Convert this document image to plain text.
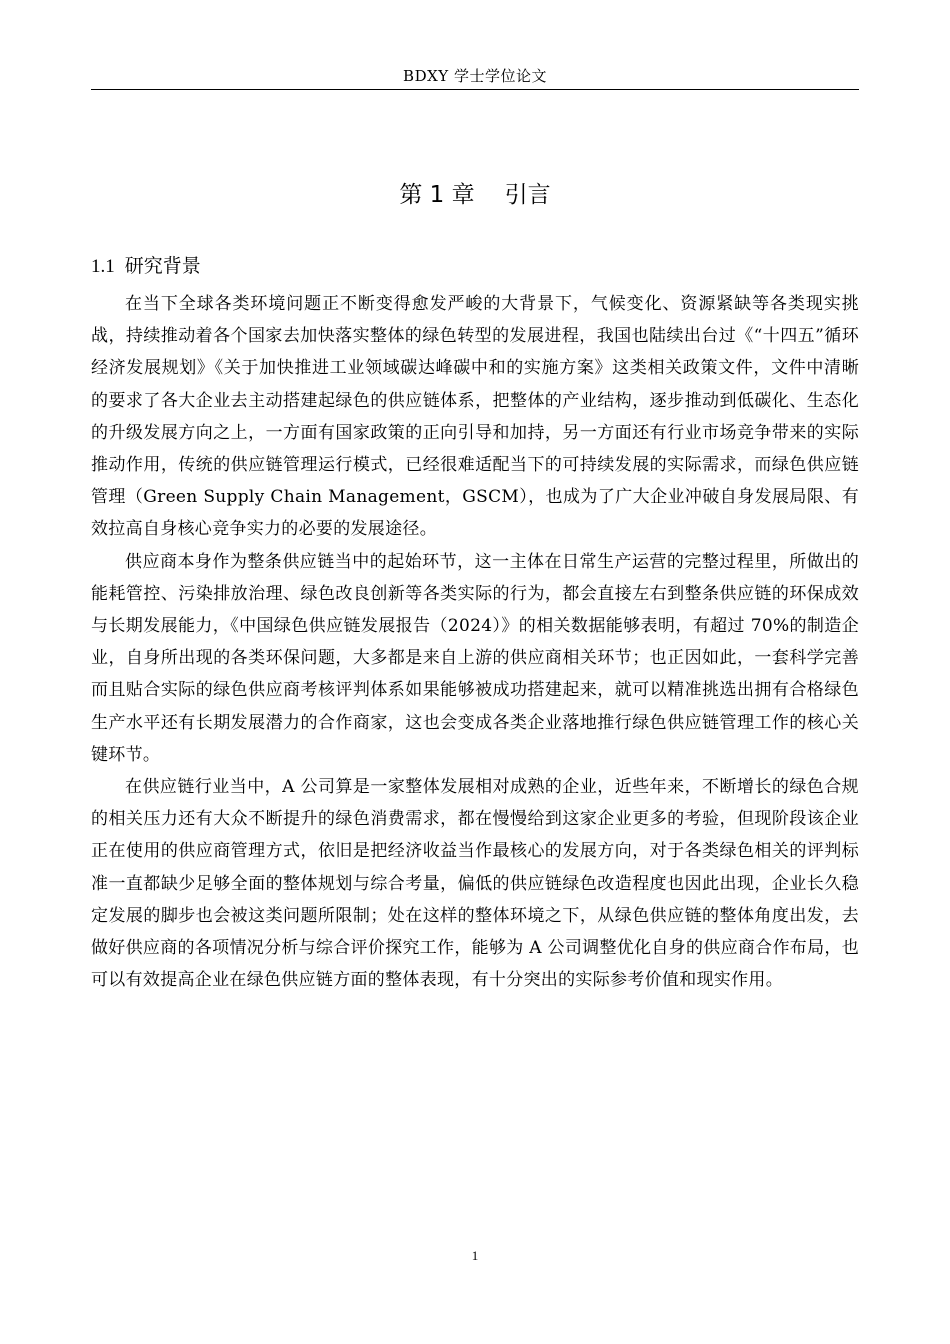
BDXY 学士学位论文
第 1 章 引言
1.1 研究背景

在当下全球各类环境问题正不断变得愈发严峻的大背景下，气候变化、资源紧缺等各类现实挑战，持续推动着各个国家去加快落实整体的绿色转型的发展进程，我国也陆续出台过《“十四五”循环经济发展规划》《关于加快推进工业领域碳达峰碳中和的实施方案》这类相关政策文件，文件中清晰的要求了各大企业去主动搭建起绿色的供应链体系，把整体的产业结构，逐步推动到低碳化、生态化的升级发展方向之上，一方面有国家政策的正向引导和加持，另一方面还有行业市场竞争带来的实际推动作用，传统的供应链管理运行模式，已经很难适配当下的可持续发展的实际需求，而绿色供应链管理（Green Supply Chain Management，GSCM），也成为了广大企业冲破自身发展局限、有效拉高自身核心竞争实力的必要的发展途径。

供应商本身作为整条供应链当中的起始环节，这一主体在日常生产运营的完整过程里，所做出的能耗管控、污染排放治理、绿色改良创新等各类实际的行为，都会直接左右到整条供应链的环保成效与长期发展能力，《中国绿色供应链发展报告（2024）》的相关数据能够表明，有超过 70%的制造企业，自身所出现的各类环保问题，大多都是来自上游的供应商相关环节；也正因如此，一套科学完善而且贴合实际的绿色供应商考核评判体系如果能够被成功搭建起来，就可以精准挑选出拥有合格绿色生产水平还有长期发展潜力的合作商家，这也会变成各类企业落地推行绿色供应链管理工作的核心关键环节。

在供应链行业当中，A 公司算是一家整体发展相对成熟的企业，近些年来，不断增长的绿色合规的相关压力还有大众不断提升的绿色消费需求，都在慢慢给到这家企业更多的考验，但现阶段该企业正在使用的供应商管理方式，依旧是把经济收益当作最核心的发展方向，对于各类绿色相关的评判标准一直都缺少足够全面的整体规划与综合考量，偏低的供应链绿色改造程度也因此出现，企业长久稳定发展的脚步也会被这类问题所限制；处在这样的整体环境之下，从绿色供应链的整体角度出发，去做好供应商的各项情况分析与综合评价探究工作，能够为 A 公司调整优化自身的供应商合作布局，也可以有效提高企业在绿色供应链方面的整体表现，有十分突出的实际参考价值和现实作用。

1
